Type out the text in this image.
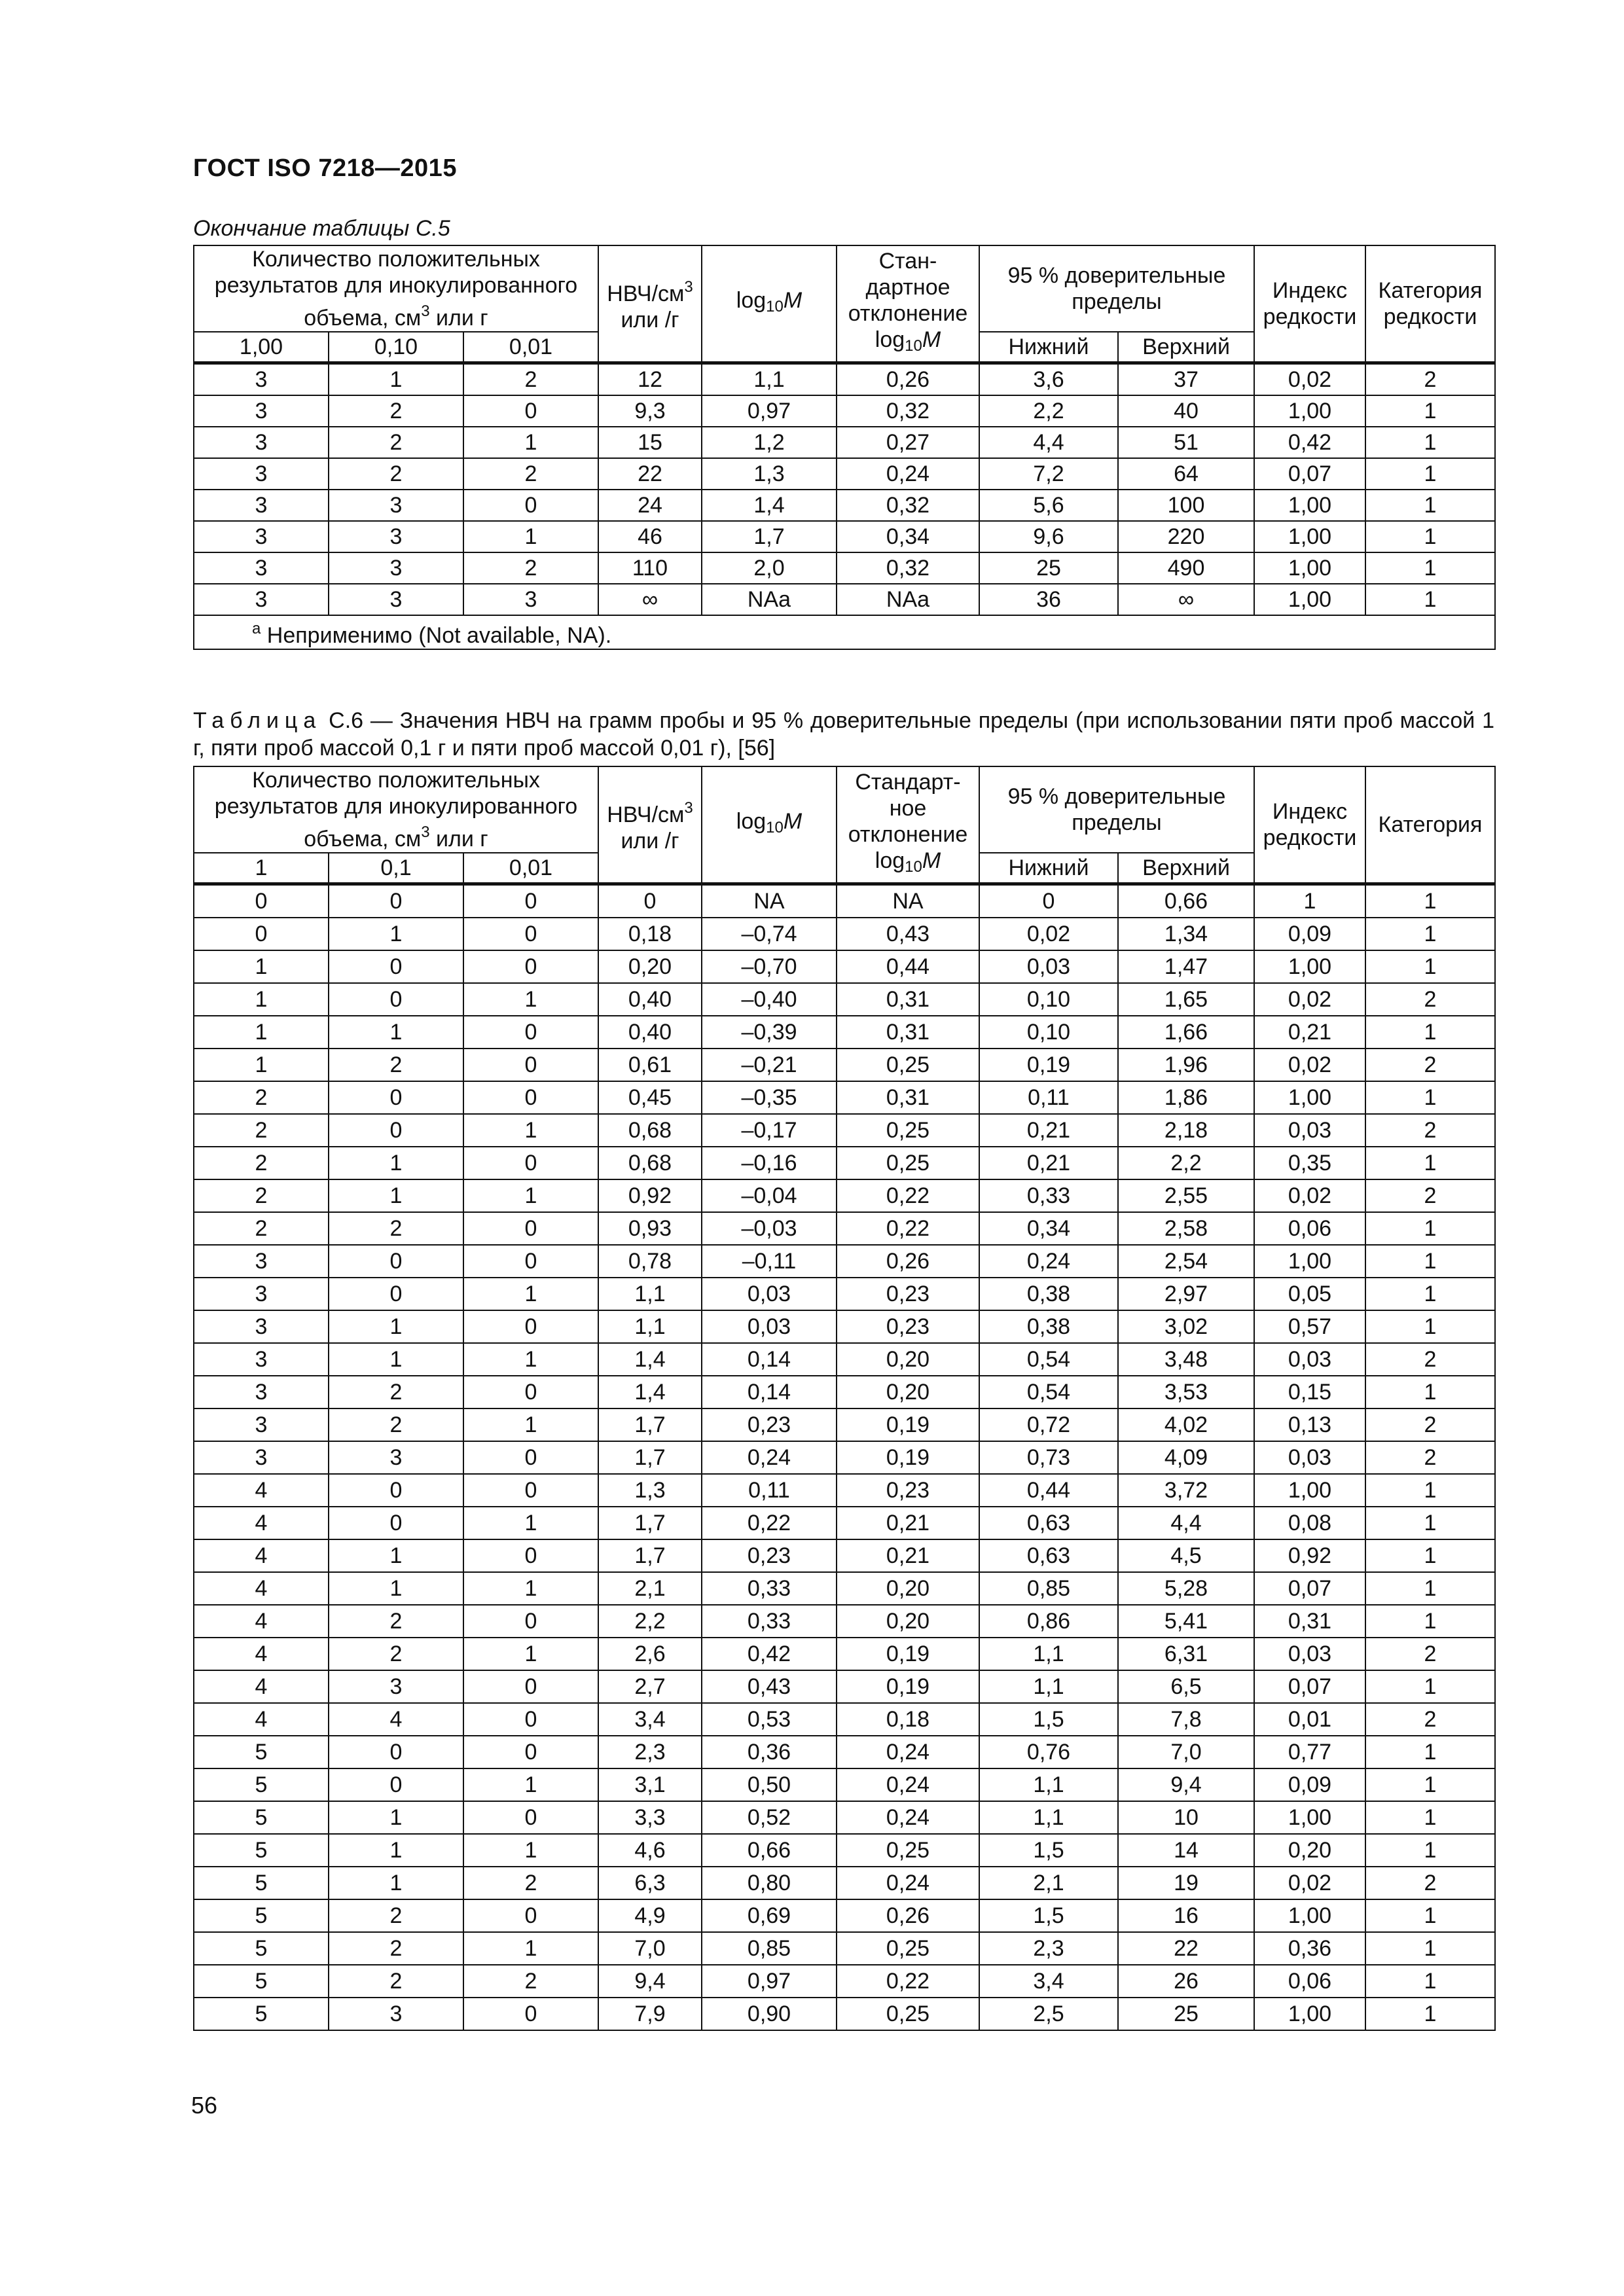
ГОСТ ISO 7218—2015
Окончание таблицы С.5
Количество положительных результатов для инокулированного объема, $см^3$ или г			НВЧ/$см^3$
или /г	$\log_{10}M$	Стан-дартное отклонение
$\log_{10}M$	95 % доверительные пределы		Индекс редкости	Категория редкости
1,00	0,10	0,01				Нижний	Верхний		
3	1	2	12	1,1	0,26	3,6	37	0,02	2
3	2	0	9,3	0,97	0,32	2,2	40	1,00	1
3	2	1	15	1,2	0,27	4,4	51	0,42	1
3	2	2	22	1,3	0,24	7,2	64	0,07	1
3	3	0	24	1,4	0,32	5,6	100	1,00	1
3	3	1	46	1,7	0,34	9,6	220	1,00	1
3	3	2	110	2,0	0,32	25	490	1,00	1
3	3	3	∞	NAa	NAa	36	∞	1,00	1
$^а$ Неприменимо (Not available, NA).									
Таблица С.6 — Значения НВЧ на грамм пробы и 95 % доверительные пределы (при использовании пяти проб массой 1 г, пяти проб массой 0,1 г и пяти проб массой 0,01 г), [56]
Количество положительных результатов для инокулированного объема, $см^3$ или г			НВЧ/$см^3$
или /г	$\log_{10}M$	Стандарт-ное отклонение
$\log_{10}M$	95 % доверительные пределы		Индекс редкости	Категория
1	0,1	0,01				Нижний	Верхний		
0	0	0	0	NA	NA	0	0,66	1	1
0	1	0	0,18	–0,74	0,43	0,02	1,34	0,09	1
1	0	0	0,20	–0,70	0,44	0,03	1,47	1,00	1
1	0	1	0,40	–0,40	0,31	0,10	1,65	0,02	2
1	1	0	0,40	–0,39	0,31	0,10	1,66	0,21	1
1	2	0	0,61	–0,21	0,25	0,19	1,96	0,02	2
2	0	0	0,45	–0,35	0,31	0,11	1,86	1,00	1
2	0	1	0,68	–0,17	0,25	0,21	2,18	0,03	2
2	1	0	0,68	–0,16	0,25	0,21	2,2	0,35	1
2	1	1	0,92	–0,04	0,22	0,33	2,55	0,02	2
2	2	0	0,93	–0,03	0,22	0,34	2,58	0,06	1
3	0	0	0,78	–0,11	0,26	0,24	2,54	1,00	1
3	0	1	1,1	0,03	0,23	0,38	2,97	0,05	1
3	1	0	1,1	0,03	0,23	0,38	3,02	0,57	1
3	1	1	1,4	0,14	0,20	0,54	3,48	0,03	2
3	2	0	1,4	0,14	0,20	0,54	3,53	0,15	1
3	2	1	1,7	0,23	0,19	0,72	4,02	0,13	2
3	3	0	1,7	0,24	0,19	0,73	4,09	0,03	2
4	0	0	1,3	0,11	0,23	0,44	3,72	1,00	1
4	0	1	1,7	0,22	0,21	0,63	4,4	0,08	1
4	1	0	1,7	0,23	0,21	0,63	4,5	0,92	1
4	1	1	2,1	0,33	0,20	0,85	5,28	0,07	1
4	2	0	2,2	0,33	0,20	0,86	5,41	0,31	1
4	2	1	2,6	0,42	0,19	1,1	6,31	0,03	2
4	3	0	2,7	0,43	0,19	1,1	6,5	0,07	1
4	4	0	3,4	0,53	0,18	1,5	7,8	0,01	2
5	0	0	2,3	0,36	0,24	0,76	7,0	0,77	1
5	0	1	3,1	0,50	0,24	1,1	9,4	0,09	1
5	1	0	3,3	0,52	0,24	1,1	10	1,00	1
5	1	1	4,6	0,66	0,25	1,5	14	0,20	1
5	1	2	6,3	0,80	0,24	2,1	19	0,02	2
5	2	0	4,9	0,69	0,26	1,5	16	1,00	1
5	2	1	7,0	0,85	0,25	2,3	22	0,36	1
5	2	2	9,4	0,97	0,22	3,4	26	0,06	1
5	3	0	7,9	0,90	0,25	2,5	25	1,00	1
56
